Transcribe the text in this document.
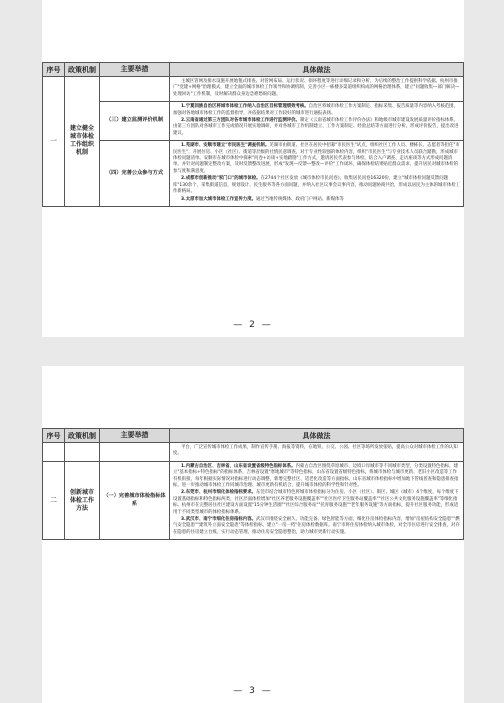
序号	政策机制	主要举措	具体做法
一	建立健全城市体检工作组织机制		主城区管网及排水设施开展地毯式排查，对管网布局、运行状况、损坏程度等进行详细记录和分析，为后续的整治工作提供科学依据。杭州市推广"党建+网格"治理模式，建立全面的城市体检工作领导和协调机制，完善小区一栋楼多渠道组织构成的网格治理体系，建立"问题收集—部门解决—处理回访"工作机制，及时解决群众身边急难愁盼问题。

		（三）建立监测评价机制	1.宁夏回族自治区将城市体检工作纳入自治区目标管理绩效考核。自治区将城市体检工作方案制定、指标采集、报告质量等内容纳入考核范围，加强对各地城市体检工作的监督指导，并依据结果对工作较好的城市进行通报表扬。
2.云南省通过第三方团队对各市城市体检工作进行监测评价。制定《云南省城市体检工作评价办法》和地级市城市建设发展质量评价指标体系。由第三方团队对各城市工作完成情况开展实地调研，并对各城市工作机制建立、工作方案制定、经验总结等方面进行分析，形成评价报告，提出改进建议。

		（四）完善公众参与方式	1.芜湖市、安顺市建立"市民医生"调查机制。芜湖市由街道、社区在居民中招募"市民医生"试点，组织社区工作人员、楼栋长、志愿者等担任"市民医生"，开展住房、小区（社区）、街道等层级的社情民意调查，对于专业性较强的体检内容，组织"市民医生"与专业技术人员联合踏勘，形成城市体检问题清单。安顺市在城市体检中探索"问卷+访谈+实地踏勘"工作方式，邀请居民代表参与体检，结合入户调查、走访座谈等方式形成问题清单，并针对问题制定整改方案，及时反馈整改进展，形成"发现—反馈—整改—评价"工作闭环，确保体检结果贴近群众需求，提升居民对城市体检的参与度和满意度。
2.成都市创新推动"家门口"的城市体检。在2744个社区发放《城市体检市民问卷》，收集居民问卷16320份，建立"城市体检问题反馈问题库"130余个，采集街道信息，规划设计、民生服务等各方面问题，并纳入社区议事会议事内容，推动问题协商共治，形成以居民为主体的城市体检工作新格局。
3.太原市加大城市体检工作宣传力度。通过当地传统媒体、政府门户网站、新媒体等
— 2 —
序号	政策机制	主要举措	具体做法

			平台，广泛宣传城市体检工作成果，制作宣传手册、海报等资料，在地铁、公交、公园、社区等场所发放张贴，提高公众对城市体检工作的认知度。

二	创新城市体检工作方法	（一）完善城市体检指标体系	1.内蒙古自治区、吉林省、山东省设置省级特色指标体系。内蒙古自治区围绕草原城市、边境口岸城市等不同城市类型，分类设置特色指标，建立"基本指标+特色指标"的指标体系，吉林省设置"寒地城市"等特色指标，山东省设置省级特色指标，将城市体检与城市更新、老旧小区改造等工作有机衔接，每年根据实际情况对指标进行动态调整，新增完整社区、适老化改造等方面指标，山东省城市体检指标中增加地下管线普查和隐患排查指标，进一步推动城市体检工作同城市治理、城市更新有机结合，提升城市体检的科学性和针对性。
2.东莞市、杭州市细化体检指标要求。东莞市结合城市特色将城市体检指标分为住房、小区（社区）、街区、城区（城市）4个维度，每个维度下设置基础指标和特色指标两类，社区层面体检增加"社区养老服务设施覆盖率""社区医疗卫生服务站覆盖率""社区公共文化服务设施覆盖率"等细化指标。杭州市在完整居住社区建设方面设置"15分钟生活圈""社区综合服务站""托育服务设施""老年服务设施"等方面指标，提升社区服务功能，形成适用于不同类型城市的体检指标体系。
3.武汉市、南宁市细化住房指标内容。武汉市围绕安全耐久、功能完备、绿色智能等方面，细化住房体检指标内容，增加"房屋结构安全隐患""燃气安全隐患""建筑外立面安全隐患"等体检指标，建立"一房一档"住房体检数据库。南宁市将住房体检纳入城市体检，对全市住房进行安全排查，对存在隐患的住房建立台账，实行动态管理，推动住房安全隐患整治，助力城市更新行动实施。
— 3 —
